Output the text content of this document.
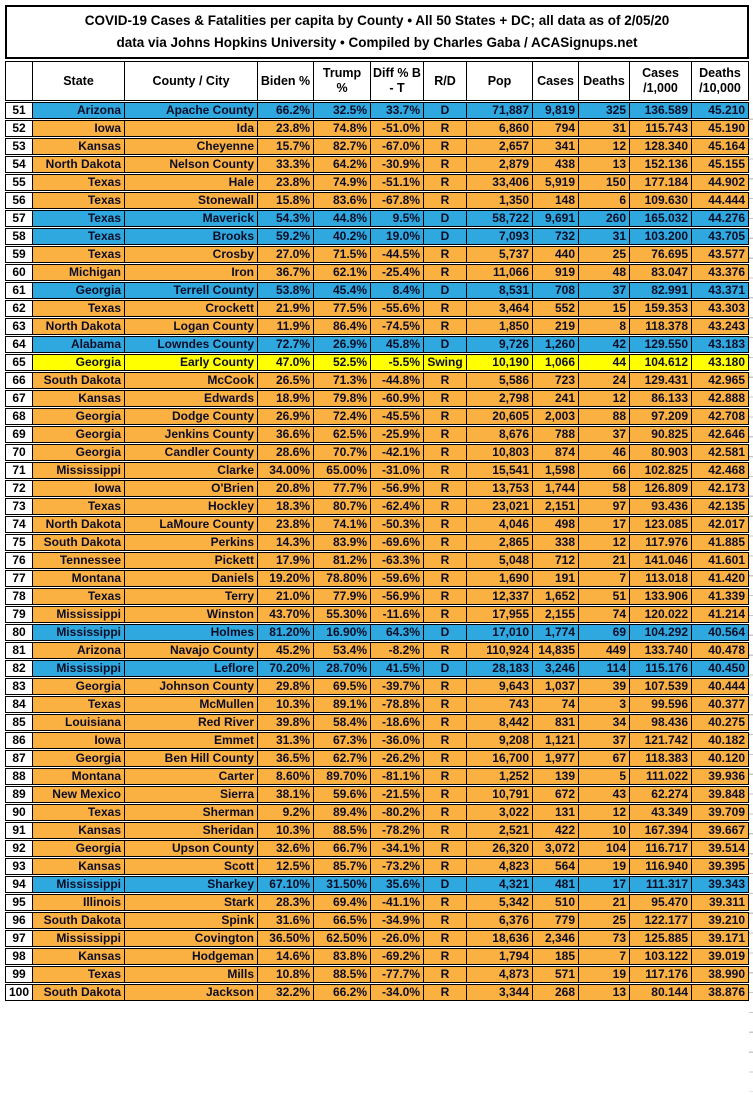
COVID-19 Cases & Fatalities per capita by County • All 50 States + DC; all data as of 2/05/20
data via Johns Hopkins University • Compiled by Charles Gaba / ACASignups.net
	State	County / City	Biden %	Trump %	Diff % B - T	R/D	Pop	Cases	Deaths	Cases /1,000	Deaths /10,000
51	Arizona	Apache County	66.2%	32.5%	33.7%	D	71,887	9,819	325	136.589	45.210
52	Iowa	Ida	23.8%	74.8%	-51.0%	R	6,860	794	31	115.743	45.190
53	Kansas	Cheyenne	15.7%	82.7%	-67.0%	R	2,657	341	12	128.340	45.164
54	North Dakota	Nelson County	33.3%	64.2%	-30.9%	R	2,879	438	13	152.136	45.155
55	Texas	Hale	23.8%	74.9%	-51.1%	R	33,406	5,919	150	177.184	44.902
56	Texas	Stonewall	15.8%	83.6%	-67.8%	R	1,350	148	6	109.630	44.444
57	Texas	Maverick	54.3%	44.8%	9.5%	D	58,722	9,691	260	165.032	44.276
58	Texas	Brooks	59.2%	40.2%	19.0%	D	7,093	732	31	103.200	43.705
59	Texas	Crosby	27.0%	71.5%	-44.5%	R	5,737	440	25	76.695	43.577
60	Michigan	Iron	36.7%	62.1%	-25.4%	R	11,066	919	48	83.047	43.376
61	Georgia	Terrell County	53.8%	45.4%	8.4%	D	8,531	708	37	82.991	43.371
62	Texas	Crockett	21.9%	77.5%	-55.6%	R	3,464	552	15	159.353	43.303
63	North Dakota	Logan County	11.9%	86.4%	-74.5%	R	1,850	219	8	118.378	43.243
64	Alabama	Lowndes County	72.7%	26.9%	45.8%	D	9,726	1,260	42	129.550	43.183
65	Georgia	Early County	47.0%	52.5%	-5.5%	Swing	10,190	1,066	44	104.612	43.180
66	South Dakota	McCook	26.5%	71.3%	-44.8%	R	5,586	723	24	129.431	42.965
67	Kansas	Edwards	18.9%	79.8%	-60.9%	R	2,798	241	12	86.133	42.888
68	Georgia	Dodge County	26.9%	72.4%	-45.5%	R	20,605	2,003	88	97.209	42.708
69	Georgia	Jenkins County	36.6%	62.5%	-25.9%	R	8,676	788	37	90.825	42.646
70	Georgia	Candler County	28.6%	70.7%	-42.1%	R	10,803	874	46	80.903	42.581
71	Mississippi	Clarke	34.00%	65.00%	-31.0%	R	15,541	1,598	66	102.825	42.468
72	Iowa	O'Brien	20.8%	77.7%	-56.9%	R	13,753	1,744	58	126.809	42.173
73	Texas	Hockley	18.3%	80.7%	-62.4%	R	23,021	2,151	97	93.436	42.135
74	North Dakota	LaMoure County	23.8%	74.1%	-50.3%	R	4,046	498	17	123.085	42.017
75	South Dakota	Perkins	14.3%	83.9%	-69.6%	R	2,865	338	12	117.976	41.885
76	Tennessee	Pickett	17.9%	81.2%	-63.3%	R	5,048	712	21	141.046	41.601
77	Montana	Daniels	19.20%	78.80%	-59.6%	R	1,690	191	7	113.018	41.420
78	Texas	Terry	21.0%	77.9%	-56.9%	R	12,337	1,652	51	133.906	41.339
79	Mississippi	Winston	43.70%	55.30%	-11.6%	R	17,955	2,155	74	120.022	41.214
80	Mississippi	Holmes	81.20%	16.90%	64.3%	D	17,010	1,774	69	104.292	40.564
81	Arizona	Navajo County	45.2%	53.4%	-8.2%	R	110,924	14,835	449	133.740	40.478
82	Mississippi	Leflore	70.20%	28.70%	41.5%	D	28,183	3,246	114	115.176	40.450
83	Georgia	Johnson County	29.8%	69.5%	-39.7%	R	9,643	1,037	39	107.539	40.444
84	Texas	McMullen	10.3%	89.1%	-78.8%	R	743	74	3	99.596	40.377
85	Louisiana	Red River	39.8%	58.4%	-18.6%	R	8,442	831	34	98.436	40.275
86	Iowa	Emmet	31.3%	67.3%	-36.0%	R	9,208	1,121	37	121.742	40.182
87	Georgia	Ben Hill County	36.5%	62.7%	-26.2%	R	16,700	1,977	67	118.383	40.120
88	Montana	Carter	8.60%	89.70%	-81.1%	R	1,252	139	5	111.022	39.936
89	New Mexico	Sierra	38.1%	59.6%	-21.5%	R	10,791	672	43	62.274	39.848
90	Texas	Sherman	9.2%	89.4%	-80.2%	R	3,022	131	12	43.349	39.709
91	Kansas	Sheridan	10.3%	88.5%	-78.2%	R	2,521	422	10	167.394	39.667
92	Georgia	Upson County	32.6%	66.7%	-34.1%	R	26,320	3,072	104	116.717	39.514
93	Kansas	Scott	12.5%	85.7%	-73.2%	R	4,823	564	19	116.940	39.395
94	Mississippi	Sharkey	67.10%	31.50%	35.6%	D	4,321	481	17	111.317	39.343
95	Illinois	Stark	28.3%	69.4%	-41.1%	R	5,342	510	21	95.470	39.311
96	South Dakota	Spink	31.6%	66.5%	-34.9%	R	6,376	779	25	122.177	39.210
97	Mississippi	Covington	36.50%	62.50%	-26.0%	R	18,636	2,346	73	125.885	39.171
98	Kansas	Hodgeman	14.6%	83.8%	-69.2%	R	1,794	185	7	103.122	39.019
99	Texas	Mills	10.8%	88.5%	-77.7%	R	4,873	571	19	117.176	38.990
100	South Dakota	Jackson	32.2%	66.2%	-34.0%	R	3,344	268	13	80.144	38.876
